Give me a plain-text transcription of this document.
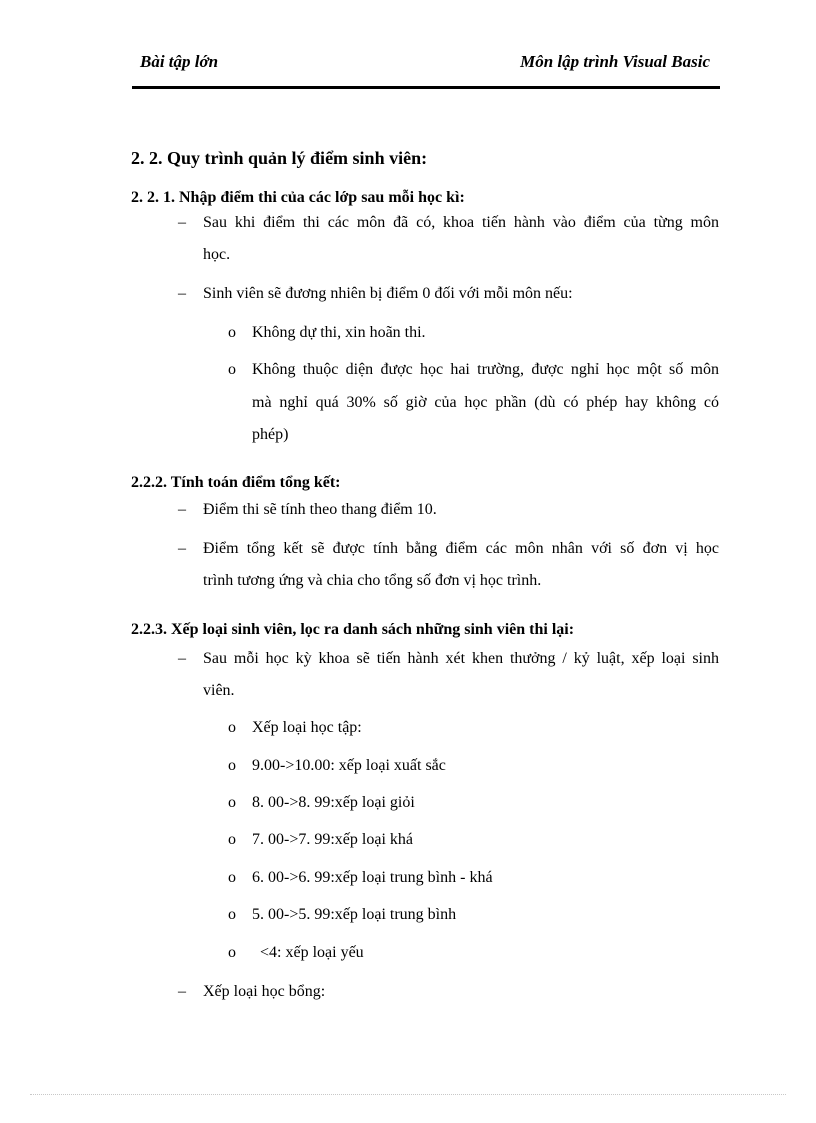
Bài tập lớn	Môn lập trình Visual Basic
2. 2. Quy trình quản lý điểm sinh viên:
2. 2. 1. Nhập điểm thi của các lớp sau mỗi học kì:
– Sau khi điểm thi các môn đã có, khoa tiến hành vào điểm của từng môn
học.
– Sinh viên sẽ đương nhiên bị điểm 0 đối với mỗi môn nếu:
o Không dự thi, xin hoãn thi.
o Không thuộc diện được học hai trường, được nghỉ học một số môn
mà nghỉ quá 30% số giờ của học phần (dù có phép hay không có
phép)
2.2.2. Tính toán điểm tổng kết:
– Điểm thi sẽ tính theo thang điểm 10.
– Điểm tổng kết sẽ được tính bằng điểm các môn nhân với số đơn vị học
trình tương ứng và chia cho tổng số đơn vị học trình.
2.2.3. Xếp loại sinh viên, lọc ra danh sách những sinh viên thi lại:
– Sau mỗi học kỳ khoa sẽ tiến hành xét khen thưởng / kỷ luật, xếp loại sinh
viên.
o Xếp loại học tập:
o 9.00->10.00: xếp loại xuất sắc
o 8. 00->8. 99:xếp loại giỏi
o 7. 00->7. 99:xếp loại khá
o 6. 00->6. 99:xếp loại trung bình - khá
o 5. 00->5. 99:xếp loại trung bình
o <4: xếp loại yếu
– Xếp loại học bổng:
